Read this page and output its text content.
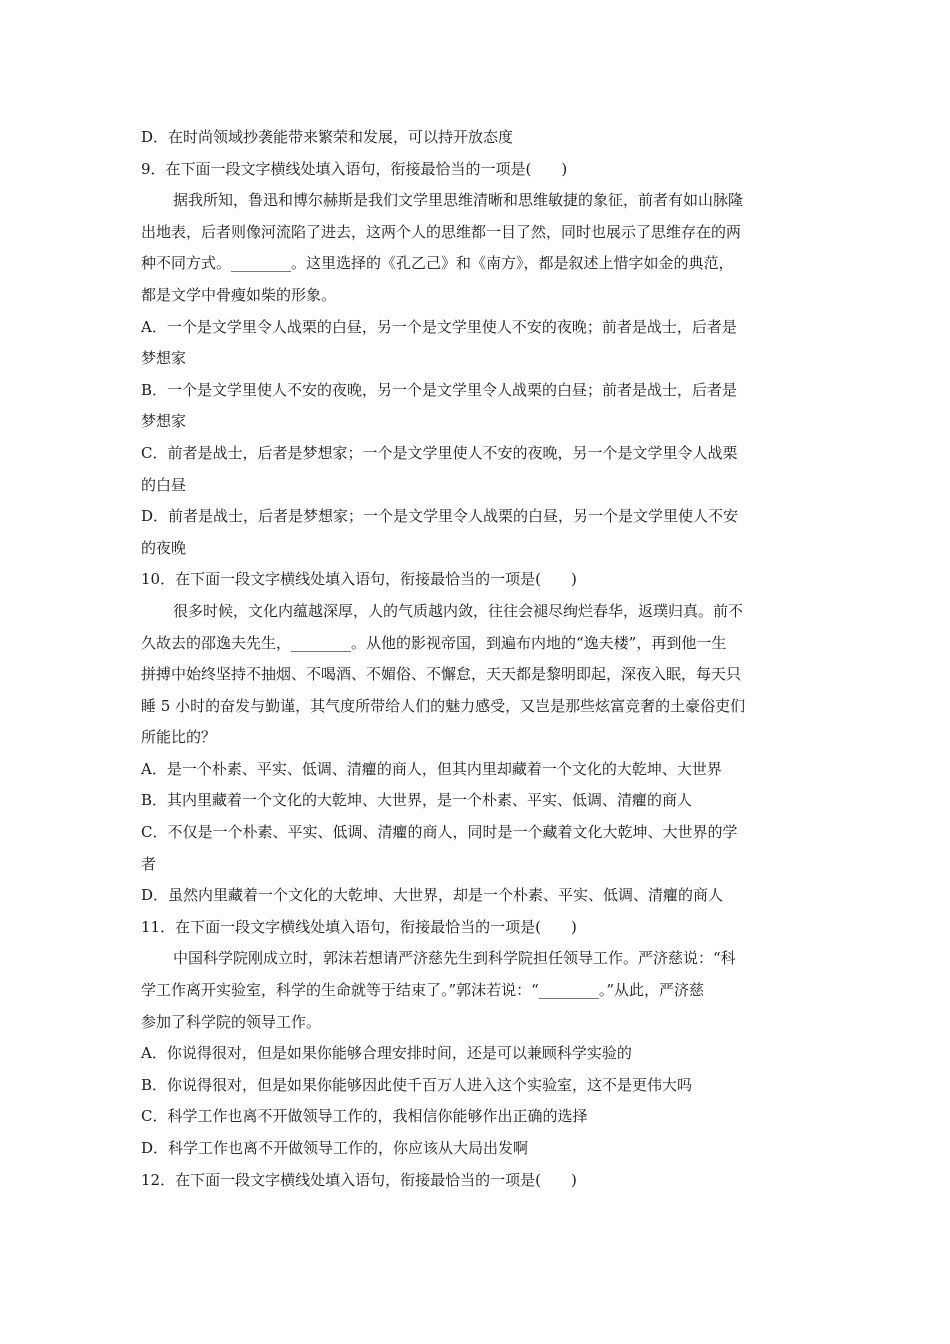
D．在时尚领域抄袭能带来繁荣和发展，可以持开放态度
9．在下面一段文字横线处填入语句，衔接最恰当的一项是(　　)
据我所知，鲁迅和博尔赫斯是我们文学里思维清晰和思维敏捷的象征，前者有如山脉隆
出地表，后者则像河流陷了进去，这两个人的思维都一目了然，同时也展示了思维存在的两
种不同方式。________。这里选择的《孔乙己》和《南方》，都是叙述上惜字如金的典范，
都是文学中骨瘦如柴的形象。
A．一个是文学里令人战栗的白昼，另一个是文学里使人不安的夜晚；前者是战士，后者是
梦想家
B．一个是文学里使人不安的夜晚，另一个是文学里令人战栗的白昼；前者是战士，后者是
梦想家
C．前者是战士，后者是梦想家；一个是文学里使人不安的夜晚，另一个是文学里令人战栗
的白昼
D．前者是战士，后者是梦想家；一个是文学里令人战栗的白昼，另一个是文学里使人不安
的夜晚
10．在下面一段文字横线处填入语句，衔接最恰当的一项是(　　)
很多时候，文化内蕴越深厚，人的气质越内敛，往往会褪尽绚烂春华，返璞归真。前不
久故去的邵逸夫先生，________。从他的影视帝国，到遍布内地的“逸夫楼”，再到他一生
拼搏中始终坚持不抽烟、不喝酒、不媚俗、不懈怠，天天都是黎明即起，深夜入眠，每天只
睡 5 小时的奋发与勤谨，其气度所带给人们的魅力感受，又岂是那些炫富竞奢的土豪俗吏们
所能比的？
A．是一个朴素、平实、低调、清癯的商人，但其内里却藏着一个文化的大乾坤、大世界
B．其内里藏着一个文化的大乾坤、大世界，是一个朴素、平实、低调、清癯的商人
C．不仅是一个朴素、平实、低调、清癯的商人，同时是一个藏着文化大乾坤、大世界的学
者
D．虽然内里藏着一个文化的大乾坤、大世界，却是一个朴素、平实、低调、清癯的商人
11．在下面一段文字横线处填入语句，衔接最恰当的一项是(　　)
中国科学院刚成立时，郭沫若想请严济慈先生到科学院担任领导工作。严济慈说：“科
学工作离开实验室，科学的生命就等于结束了。”郭沫若说：“________。”从此，严济慈
参加了科学院的领导工作。
A．你说得很对，但是如果你能够合理安排时间，还是可以兼顾科学实验的
B．你说得很对，但是如果你能够因此使千百万人进入这个实验室，这不是更伟大吗
C．科学工作也离不开做领导工作的，我相信你能够作出正确的选择
D．科学工作也离不开做领导工作的，你应该从大局出发啊
12．在下面一段文字横线处填入语句，衔接最恰当的一项是(　　)
